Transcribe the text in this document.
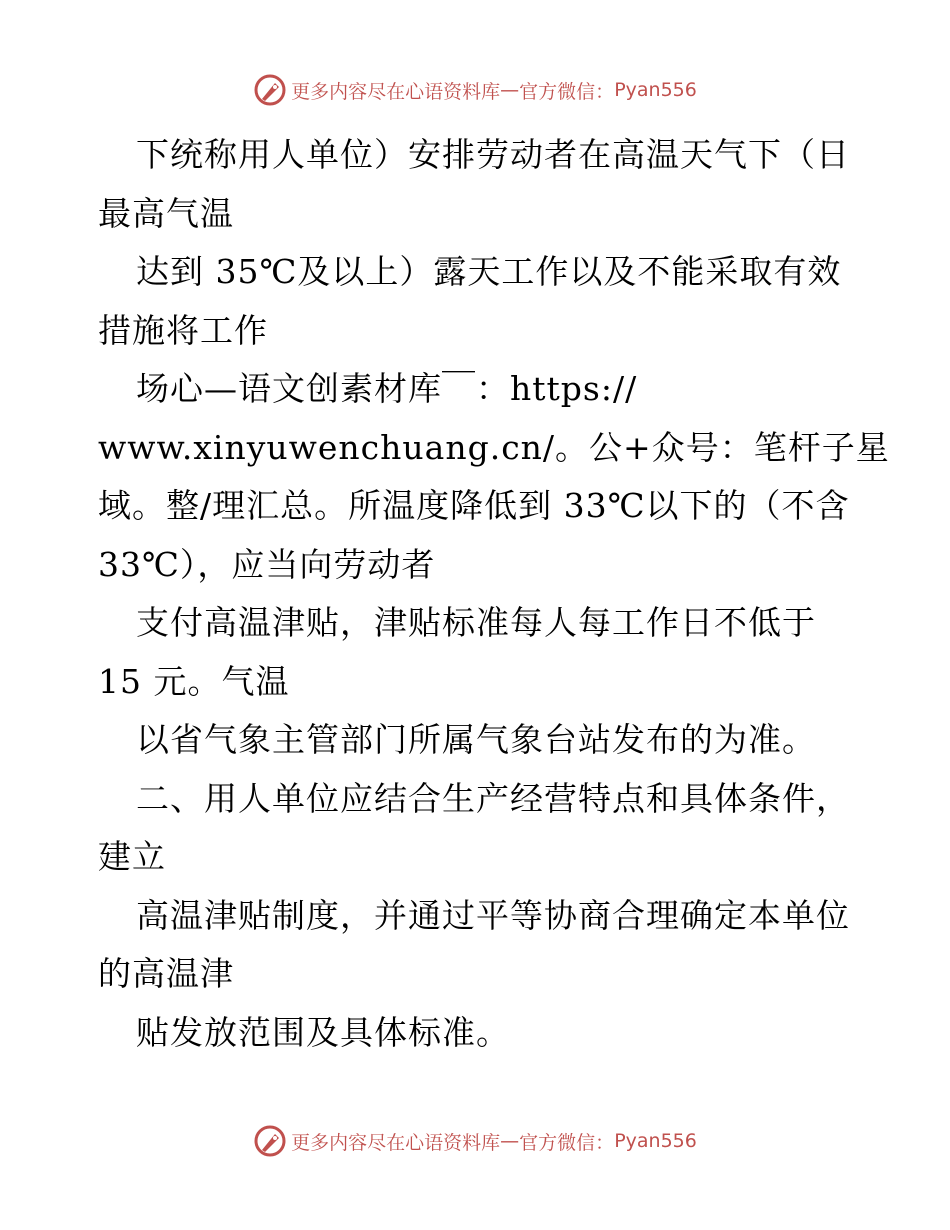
更多内容尽在心语资料库 — 官方微信： Pyan556
下统称用人单位）安排劳动者在高温天气下（日
最高气温
达到 35℃及以上）露天工作以及不能采取有效
措施将工作
场心—语文创素材库￣：https://
www.xinyuwenchuang.cn/。公+众号：笔杆子星
域。整/理汇总。所温度降低到 33℃以下的（不含
33℃），应当向劳动者
支付高温津贴，津贴标准每人每工作日不低于
15 元。气温
以省气象主管部门所属气象台站发布的为准。
二、用人单位应结合生产经营特点和具体条件，
建立
高温津贴制度，并通过平等协商合理确定本单位
的高温津
贴发放范围及具体标准。
更多内容尽在心语资料库 — 官方微信： Pyan556
